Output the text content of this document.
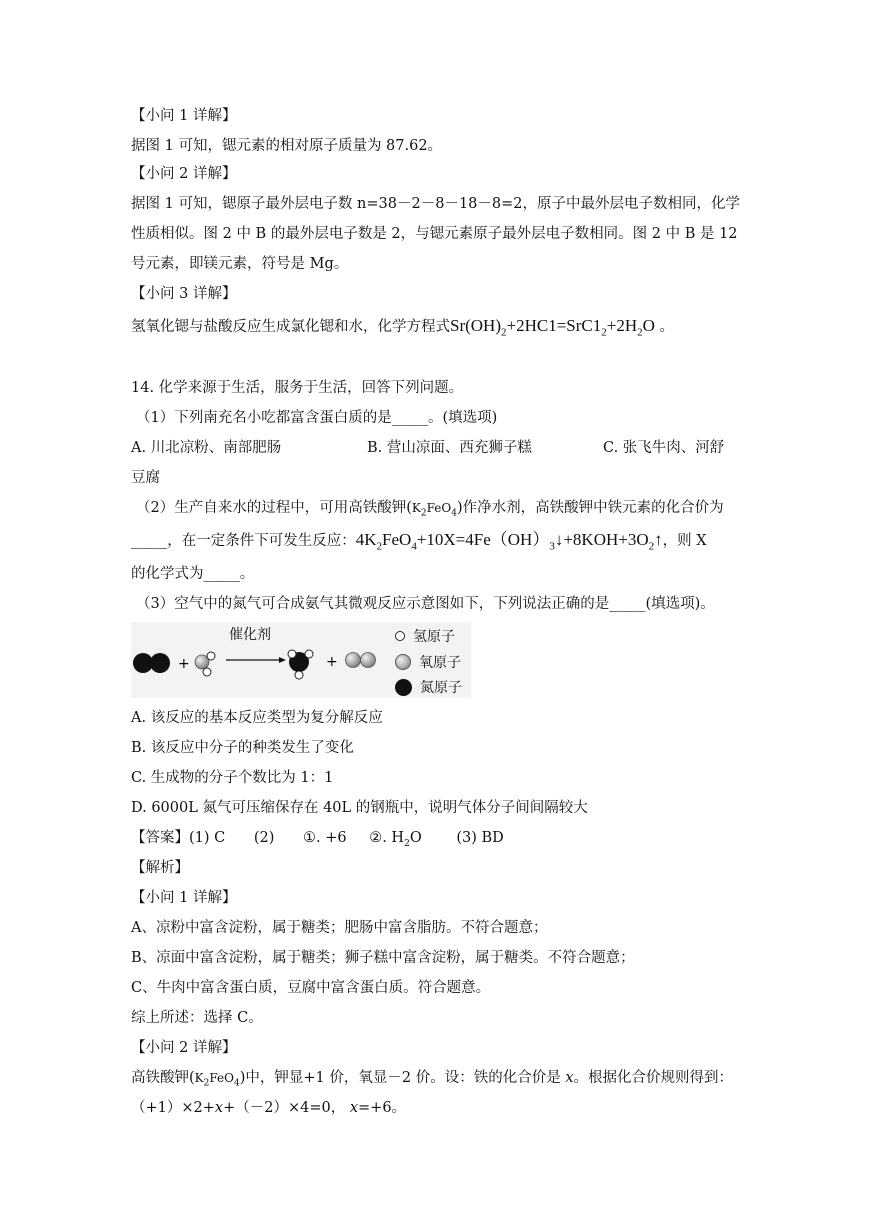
【小问 1 详解】
据图 1 可知，锶元素的相对原子质量为 87.62。
【小问 2 详解】
据图 1 可知，锶原子最外层电子数 n=38－2－8－18－8=2，原子中最外层电子数相同，化学
性质相似。图 2 中 B 的最外层电子数是 2，与锶元素原子最外层电子数相同。图 2 中 B 是 12
号元素，即镁元素，符号是 Mg。
【小问 3 详解】
氢氧化锶与盐酸反应生成氯化锶和水，化学方程式$Sr(OH)_2+2HC1=SrC1_2+2H_2O$ 。
14. 化学来源于生活，服务于生活，回答下列问题。
（1）下列南充名小吃都富含蛋白质的是_____。(填选项)
A. 川北凉粉、南部肥肠	B. 营山凉面、西充狮子糕	C. 张飞牛肉、河舒
豆腐
（2）生产自来水的过程中，可用高铁酸钾$(K_2FeO_4)$作净水剂，高铁酸钾中铁元素的化合价为
_____，在一定条件下可发生反应：$4K_2FeO_4+10X=4Fe(OH)_3↓+8KOH+3O_2↑$，则 X
的化学式为_____。
（3）空气中的氮气可合成氨气其微观反应示意图如下，下列说法正确的是_____(填选项)。
+	+
催化剂	氢原子
氧原子
氮原子
A. 该反应的基本反应类型为复分解反应
B. 该反应中分子的种类发生了变化
C. 生成物的分子个数比为 1：1
D. 6000L 氮气可压缩保存在 40L 的钢瓶中，说明气体分子间间隔较大
【答案】(1) C (2) ①. +6 ②. $H_2O$ (3) BD
【解析】
【小问 1 详解】
A、凉粉中富含淀粉，属于糖类；肥肠中富含脂肪。不符合题意；
B、凉面中富含淀粉，属于糖类；狮子糕中富含淀粉，属于糖类。不符合题意；
C、牛肉中富含蛋白质，豆腐中富含蛋白质。符合题意。
综上所述：选择 C。
【小问 2 详解】
高铁酸钾$(K_2FeO_4)$中，钾显+1 价，氧显－2 价。设：铁的化合价是 x。根据化合价规则得到：
（+1）×2+x+（－2）×4=0， x=+6。
